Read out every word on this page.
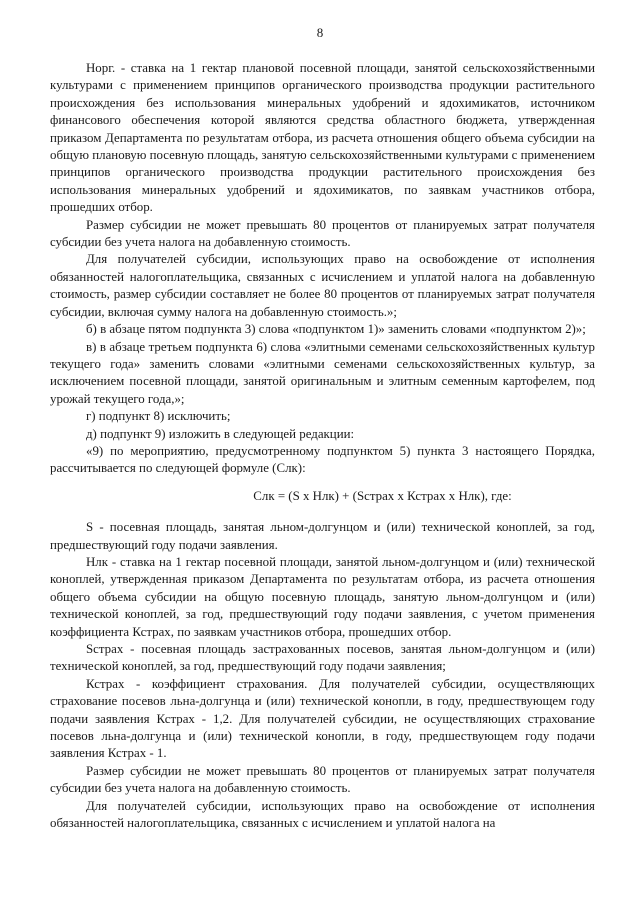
8

Норг. - ставка на 1 гектар плановой посевной площади, занятой сельскохозяйственными культурами с применением принципов органического производства продукции растительного происхождения без использования минеральных удобрений и ядохимикатов, источником финансового обеспечения которой являются средства областного бюджета, утвержденная приказом Департамента по результатам отбора, из расчета отношения общего объема субсидии на общую плановую посевную площадь, занятую сельскохозяйственными культурами с применением принципов органического производства продукции растительного происхождения без использования минеральных удобрений и ядохимикатов, по заявкам участников отбора, прошедших отбор.

Размер субсидии не может превышать 80 процентов от планируемых затрат получателя субсидии без учета налога на добавленную стоимость.

Для получателей субсидии, использующих право на освобождение от исполнения обязанностей налогоплательщика, связанных с исчислением и уплатой налога на добавленную стоимость, размер субсидии составляет не более 80 процентов от планируемых затрат получателя субсидии, включая сумму налога на добавленную стоимость.»;

б) в абзаце пятом подпункта 3) слова «подпунктом 1)» заменить словами «подпунктом 2)»;

в) в абзаце третьем подпункта 6) слова «элитными семенами сельскохозяйственных культур текущего года» заменить словами «элитными семенами сельскохозяйственных культур, за исключением посевной площади, занятой оригинальным и элитным семенным картофелем, под урожай текущего года,»;

г) подпункт 8) исключить;

д) подпункт 9) изложить в следующей редакции:

«9) по мероприятию, предусмотренному подпунктом 5) пункта 3 настоящего Порядка, рассчитывается по следующей формуле (Слк):

Слк = (S х Нлк) + (Sстрах х Кстрах х Нлк), где:

S - посевная площадь, занятая льном-долгунцом и (или) технической коноплей, за год, предшествующий году подачи заявления.

Нлк - ставка на 1 гектар посевной площади, занятой льном-долгунцом и (или) технической коноплей, утвержденная приказом Департамента по результатам отбора, из расчета отношения общего объема субсидии на общую посевную площадь, занятую льном-долгунцом и (или) технической коноплей, за год, предшествующий году подачи заявления, с учетом применения коэффициента Кстрах, по заявкам участников отбора, прошедших отбор.

Sстрах - посевная площадь застрахованных посевов, занятая льном-долгунцом и (или) технической коноплей, за год, предшествующий году подачи заявления;

Кстрах - коэффициент страхования. Для получателей субсидии, осуществляющих страхование посевов льна-долгунца и (или) технической конопли, в году, предшествующем году подачи заявления Кстрах - 1,2. Для получателей субсидии, не осуществляющих страхование посевов льна-долгунца и (или) технической конопли, в году, предшествующем году подачи заявления Кстрах - 1.

Размер субсидии не может превышать 80 процентов от планируемых затрат получателя субсидии без учета налога на добавленную стоимость.

Для получателей субсидии, использующих право на освобождение от исполнения обязанностей налогоплательщика, связанных с исчислением и уплатой налога на
